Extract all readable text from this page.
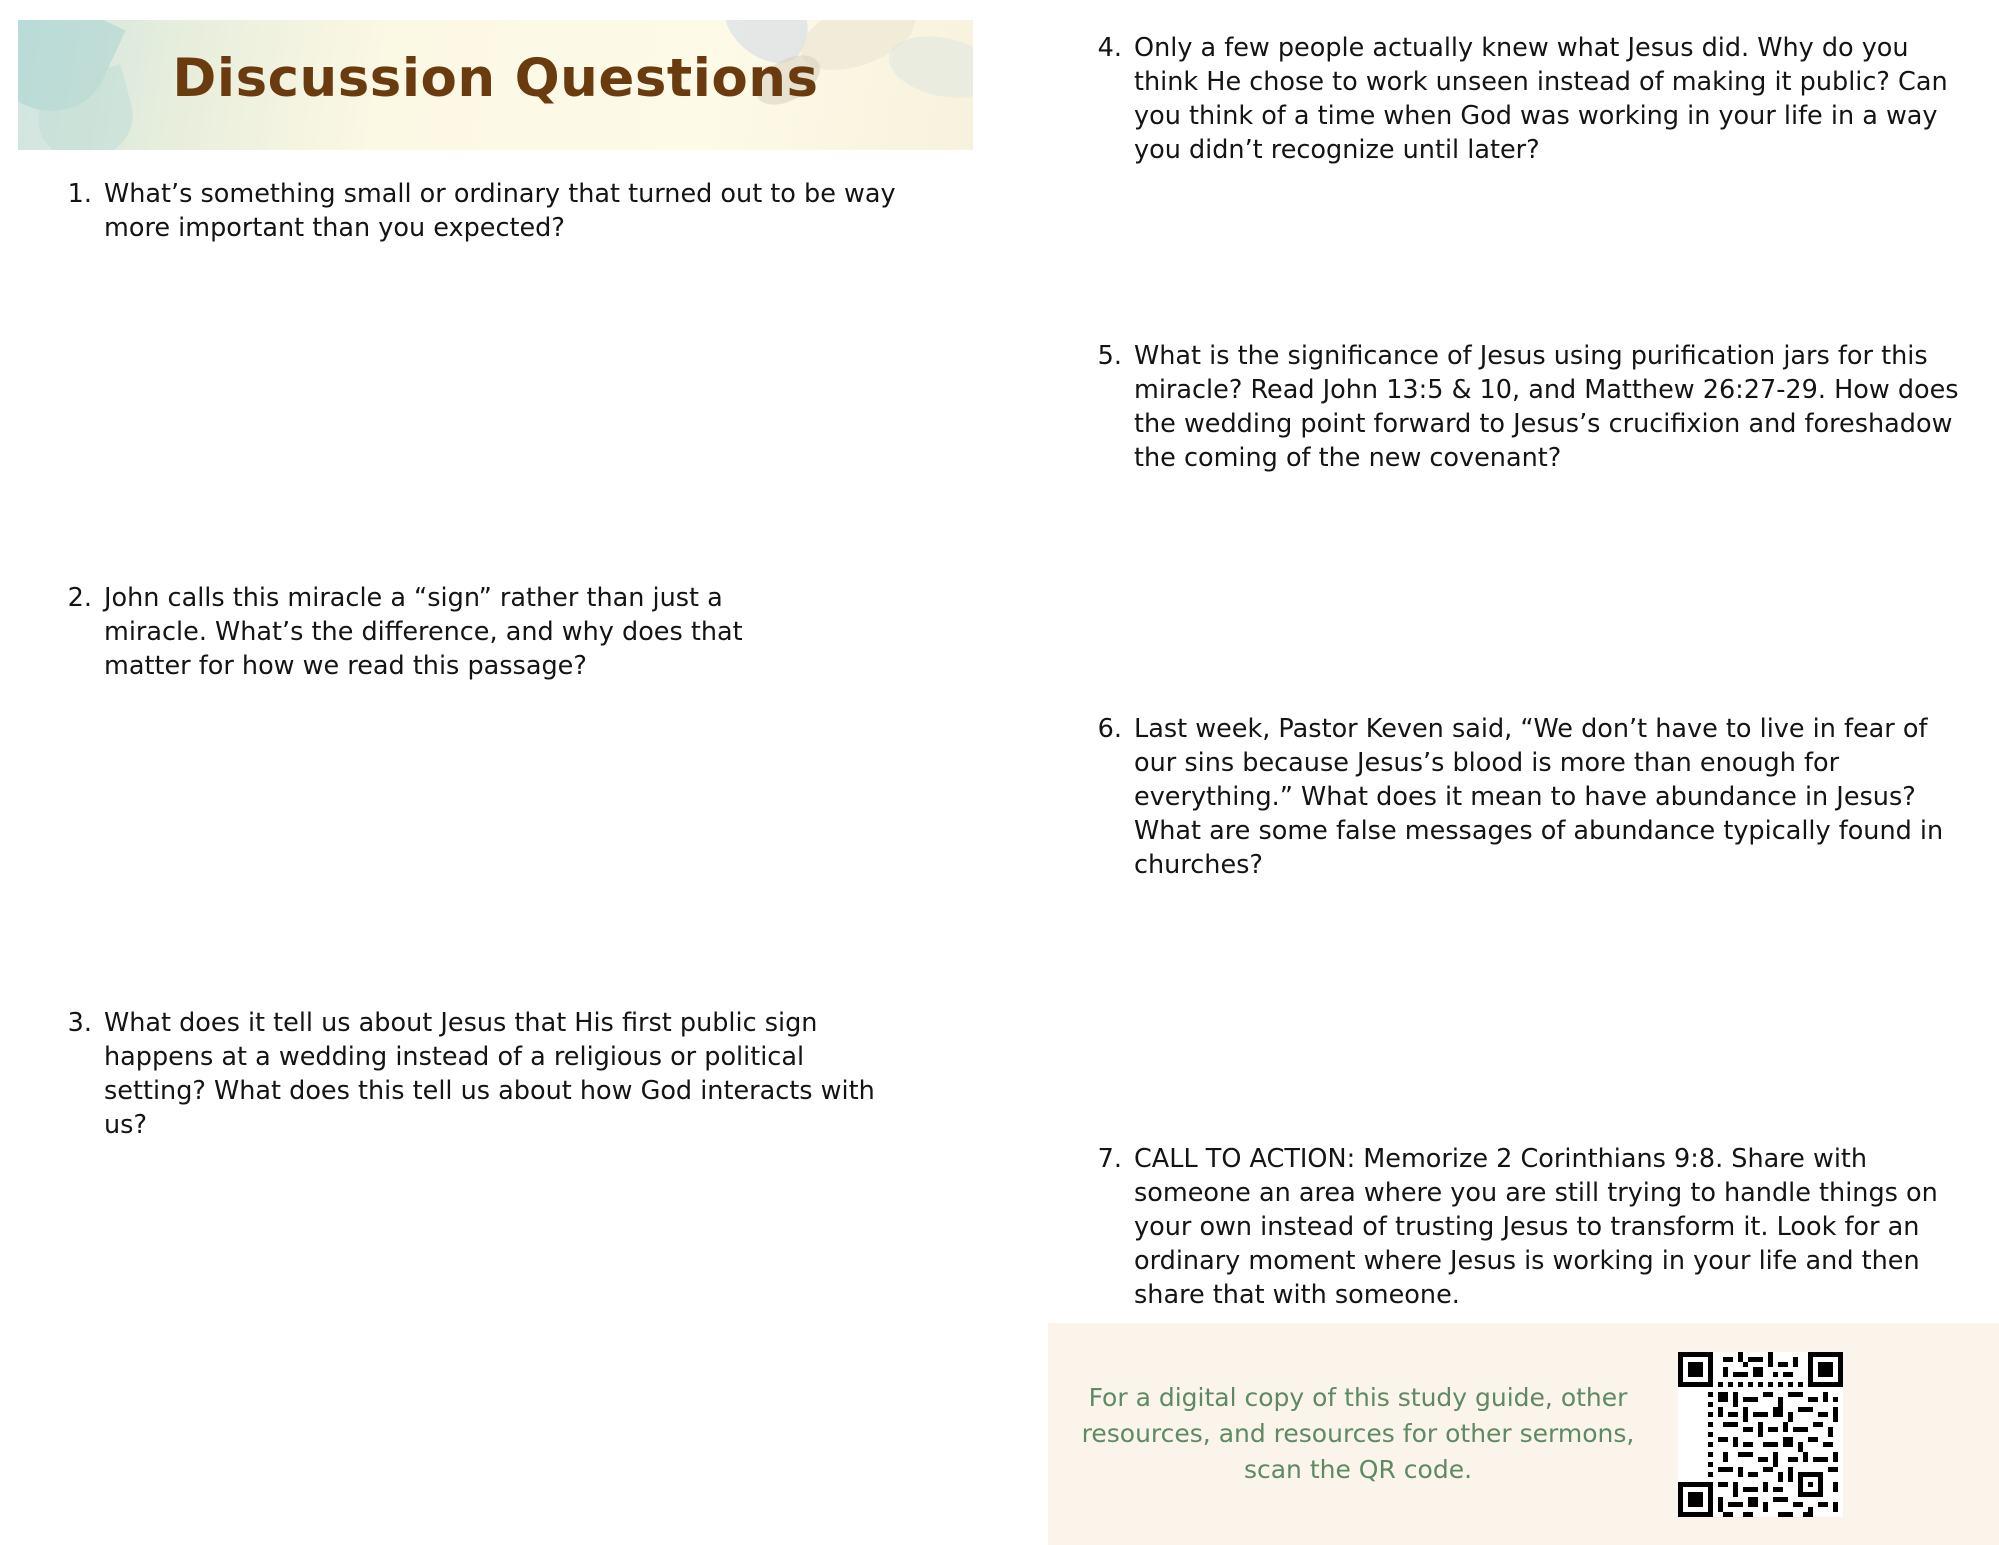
Discussion Questions
1. What’s something small or ordinary that turned out to be way more important than you expected?
2. John calls this miracle a “sign” rather than just a miracle. What’s the difference, and why does that matter for how we read this passage?
3. What does it tell us about Jesus that His first public sign happens at a wedding instead of a religious or political setting? What does this tell us about how God interacts with us?
4. Only a few people actually knew what Jesus did. Why do you think He chose to work unseen instead of making it public? Can you think of a time when God was working in your life in a way you didn’t recognize until later?
5. What is the significance of Jesus using purification jars for this miracle? Read John 13:5 & 10, and Matthew 26:27-29. How does the wedding point forward to Jesus’s crucifixion and foreshadow the coming of the new covenant?
6. Last week, Pastor Keven said, “We don’t have to live in fear of our sins because Jesus’s blood is more than enough for everything.” What does it mean to have abundance in Jesus? What are some false messages of abundance typically found in churches?
7. CALL TO ACTION: Memorize 2 Corinthians 9:8. Share with someone an area where you are still trying to handle things on your own instead of trusting Jesus to transform it. Look for an ordinary moment where Jesus is working in your life and then share that with someone.
For a digital copy of this study guide, other resources, and resources for other sermons, scan the QR code.
